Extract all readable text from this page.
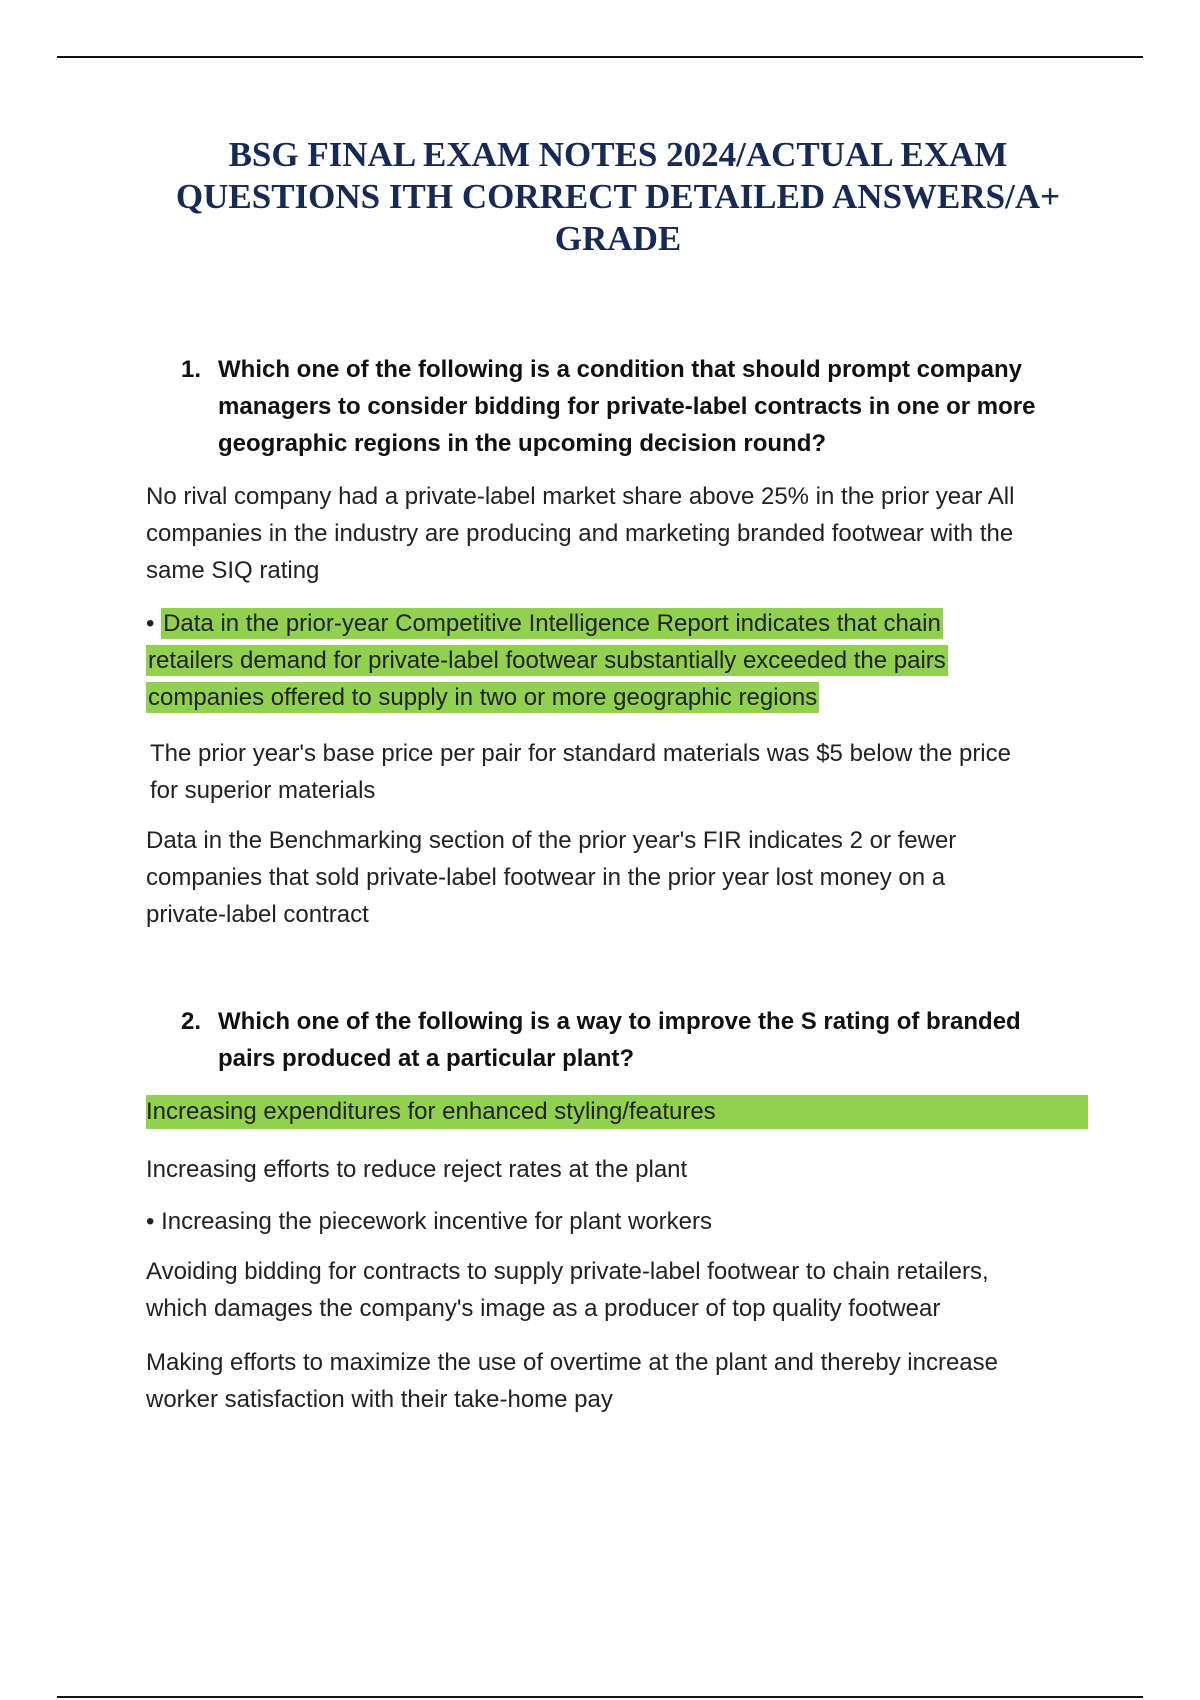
BSG FINAL EXAM NOTES 2024/ACTUAL EXAM
QUESTIONS ITH CORRECT DETAILED ANSWERS/A+
GRADE
1. Which one of the following is a condition that should prompt company
managers to consider bidding for private-label contracts in one or more
geographic regions in the upcoming decision round?
No rival company had a private-label market share above 25% in the prior year All
companies in the industry are producing and marketing branded footwear with the
same SIQ rating
• Data in the prior-year Competitive Intelligence Report indicates that chain
retailers demand for private-label footwear substantially exceeded the pairs
companies offered to supply in two or more geographic regions
The prior year's base price per pair for standard materials was $5 below the price
for superior materials
Data in the Benchmarking section of the prior year's FIR indicates 2 or fewer
companies that sold private-label footwear in the prior year lost money on a
private-label contract
2. Which one of the following is a way to improve the S rating of branded
pairs produced at a particular plant?
Increasing expenditures for enhanced styling/features
Increasing efforts to reduce reject rates at the plant
• Increasing the piecework incentive for plant workers
Avoiding bidding for contracts to supply private-label footwear to chain retailers,
which damages the company's image as a producer of top quality footwear
Making efforts to maximize the use of overtime at the plant and thereby increase
worker satisfaction with their take-home pay
